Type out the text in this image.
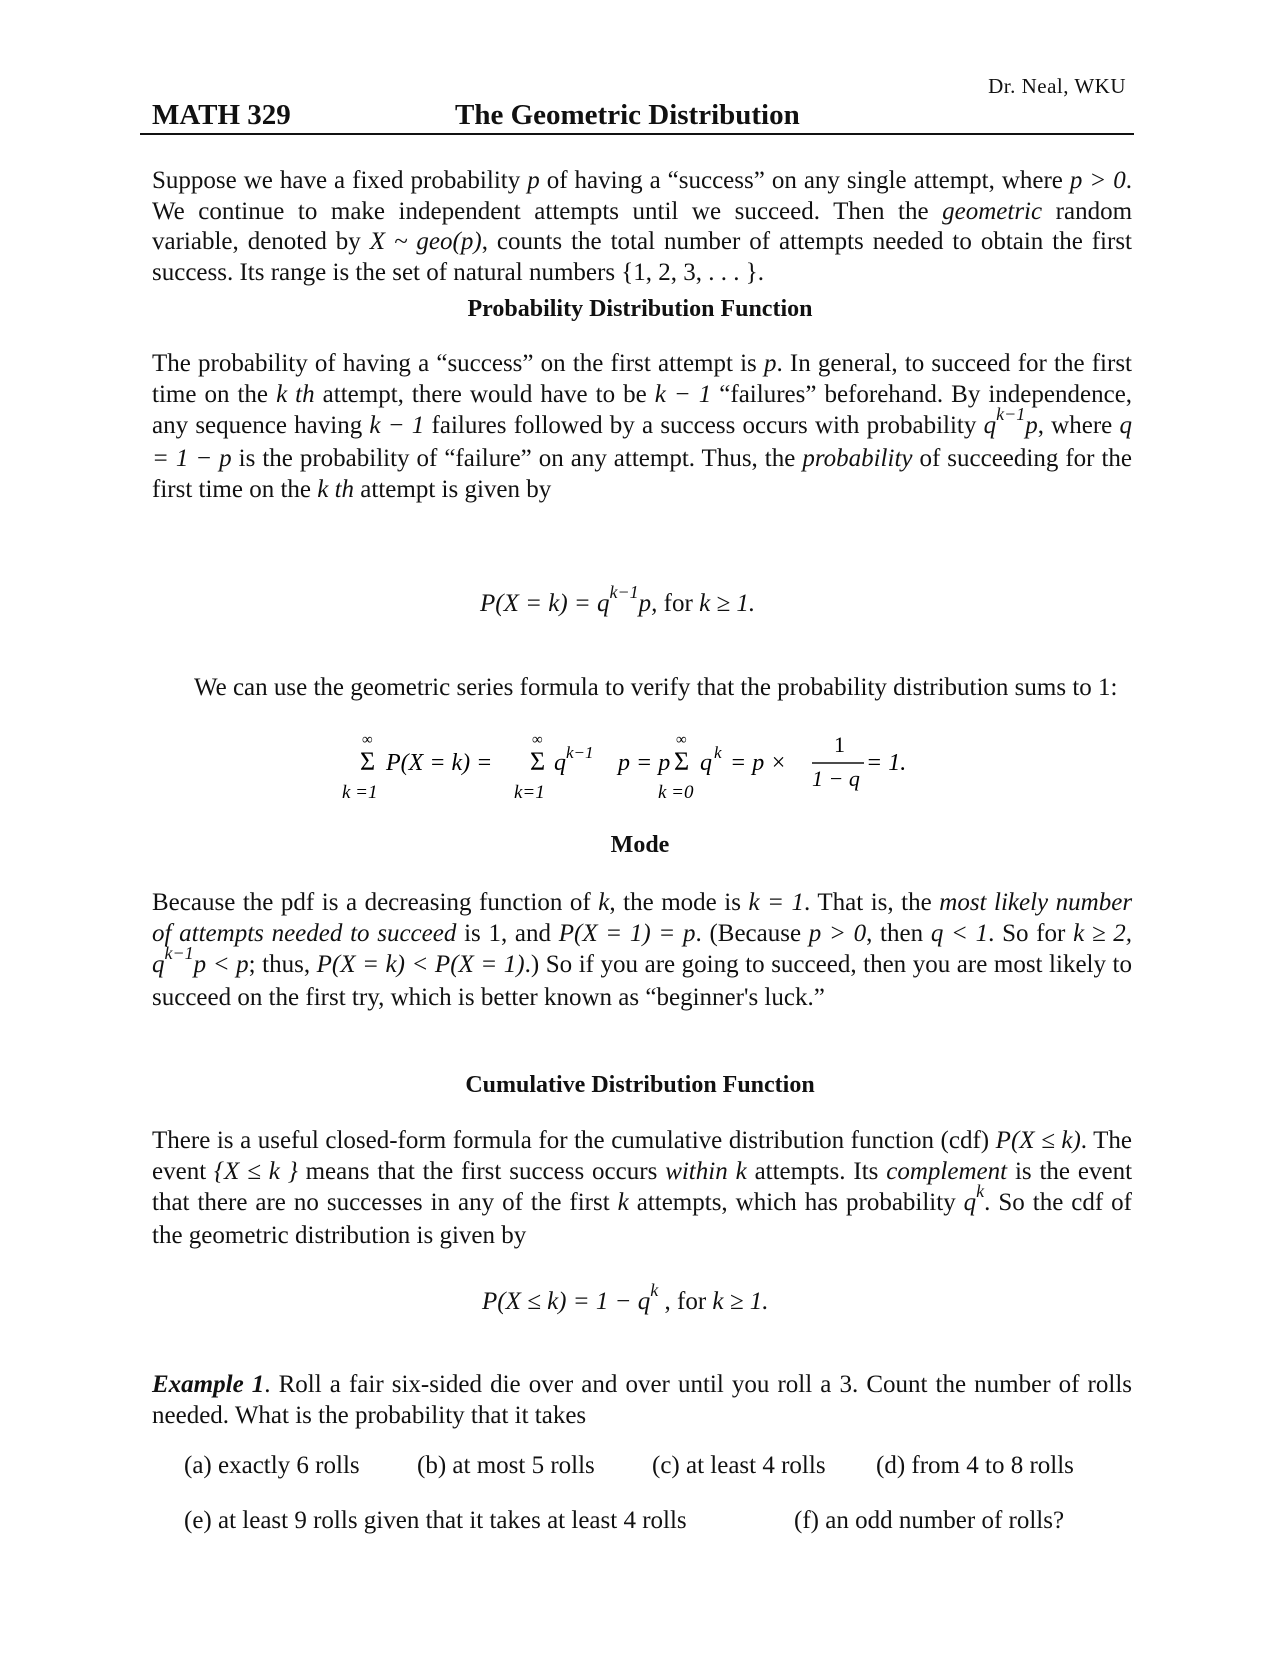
Dr. Neal, WKU
MATH 329	The Geometric Distribution
Suppose we have a fixed probability p of having a “success” on any single attempt, where p > 0. We continue to make independent attempts until we succeed. Then the geometric random variable, denoted by X ~ geo(p), counts the total number of attempts needed to obtain the first success. Its range is the set of natural numbers {1, 2, 3, . . . }.
Probability Distribution Function
The probability of having a “success” on the first attempt is p. In general, to succeed for the first time on the k th attempt, there would have to be k − 1 “failures” beforehand. By independence, any sequence having k − 1 failures followed by a success occurs with probability $q^{k-1}p$, where q = 1 − p is the probability of “failure” on any attempt. Thus, the probability of succeeding for the first time on the k th attempt is given by
$P(X = k) = q^{k-1}p$, for k ≥ 1.
We can use the geometric series formula to verify that the probability distribution sums to 1:
∞	∞	∞
Σ	Σ	Σ
P(X = k) =	q p = p q = p ×	= 1.
k−1	k
k =1	k=1	k =0
1
1 − q
Mode
Because the pdf is a decreasing function of k, the mode is k = 1. That is, the most likely number of attempts needed to succeed is 1, and P(X = 1) = p. (Because p > 0, then q < 1. So for k ≥ 2, $q^{k-1}p < p$; thus, P(X = k) < P(X = 1).) So if you are going to succeed, then you are most likely to succeed on the first try, which is better known as “beginner's luck.”
Cumulative Distribution Function
There is a useful closed-form formula for the cumulative distribution function (cdf) P(X ≤ k). The event {X ≤ k } means that the first success occurs within k attempts. Its complement is the event that there are no successes in any of the first k attempts, which has probability $q^k$. So the cdf of the geometric distribution is given by
$P(X \le k) = 1 - q^k$ , for k ≥ 1.
Example 1. Roll a fair six-sided die over and over until you roll a 3. Count the number of rolls needed. What is the probability that it takes
(a) exactly 6 rolls (b) at most 5 rolls (c) at least 4 rolls (d) from 4 to 8 rolls
(e) at least 9 rolls given that it takes at least 4 rolls	(f) an odd number of rolls?
